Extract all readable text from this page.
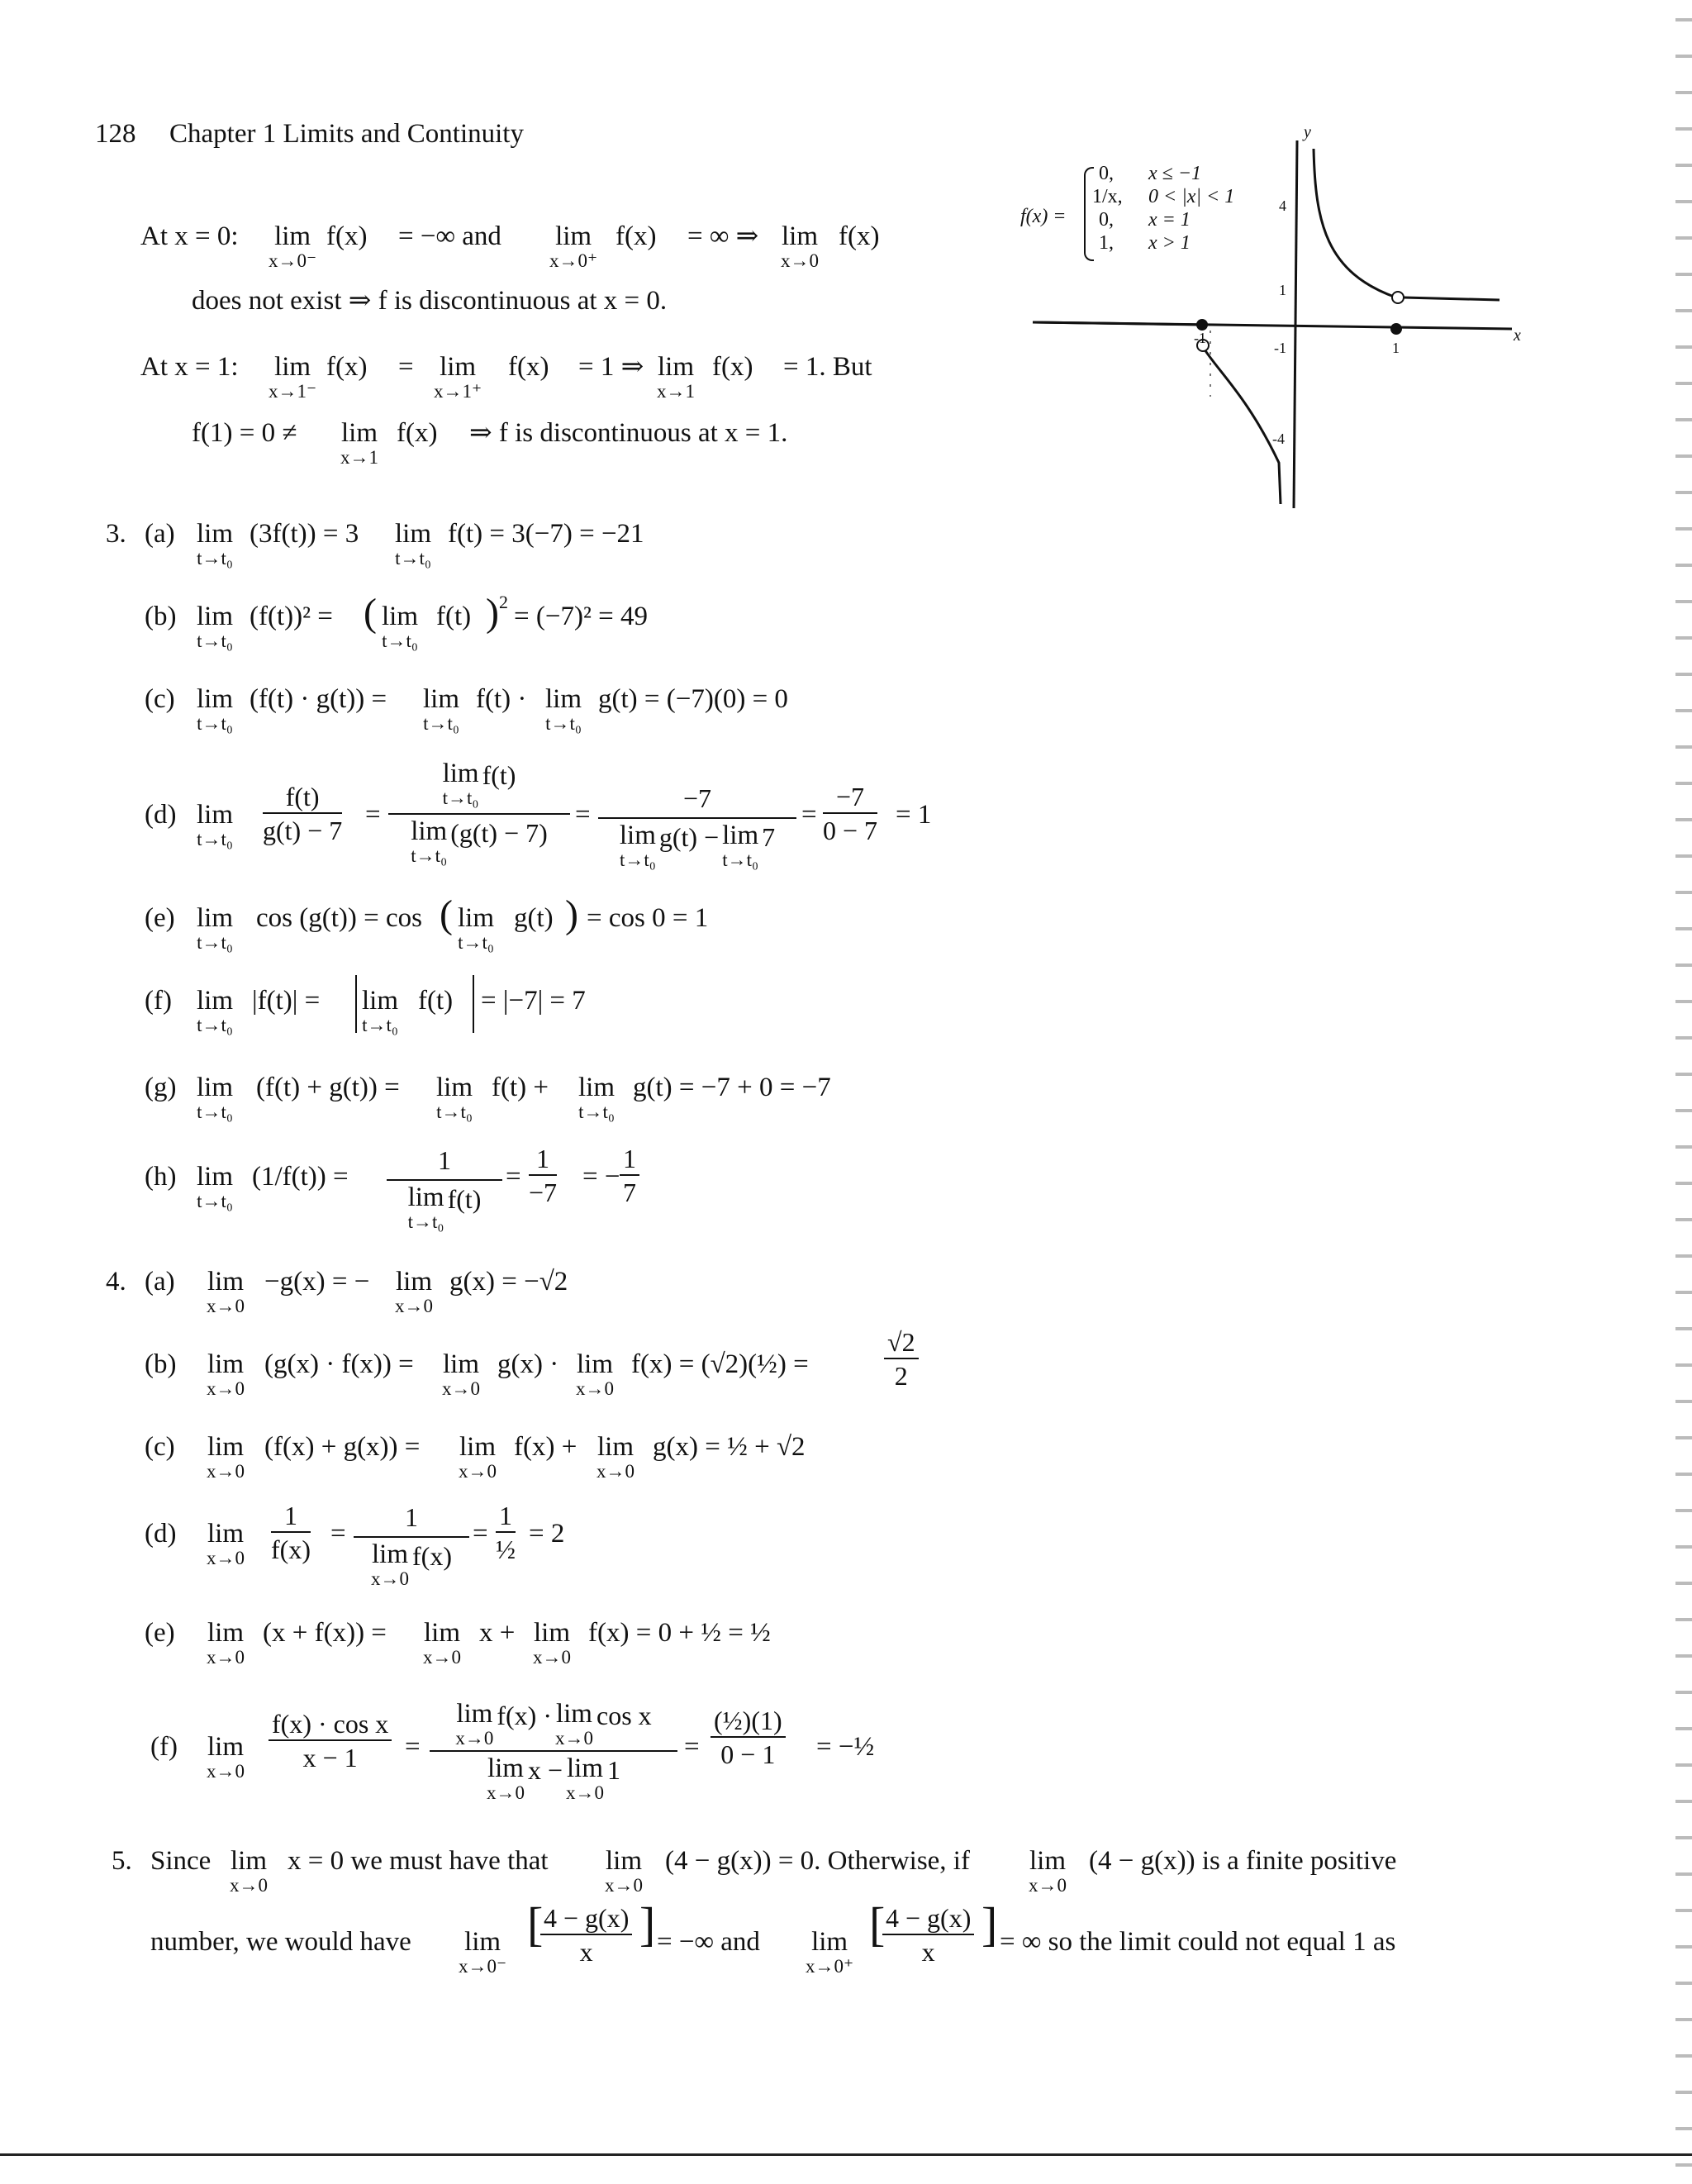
128 Chapter 1 Limits and Continuity
f(x) =
0, x ≤ −1
1/x, 0 < |x| < 1
0, x = 1
1, x > 1
y
x
4
1
-1
-1	1
-4
At x = 0: lim
x→0⁻
f(x) = −∞ and lim
x→0⁺
f(x) = ∞ ⇒ lim
x→0
f(x)
does not exist ⇒ f is discontinuous at x = 0.
At x = 1: lim
x→1⁻
f(x) = lim
x→1⁺
f(x) = 1 ⇒ lim
x→1
f(x) = 1. But
f(1) = 0 ≠ lim
x→1
f(x) ⇒ f is discontinuous at x = 1.
3. (a) lim
t→t₀
(3f(t)) = 3 lim
t→t₀
f(t) = 3(−7) = −21
(b) lim
t→t₀
(f(t))² = ( lim
t→t₀
f(t) )$^2$ = (−7)² = 49
(c) lim
t→t₀
(f(t) · g(t)) = lim
t→t₀
f(t) · lim
t→t₀
g(t) = (−7)(0) = 0
(d) lim
$t\to t_0 \frac{f(t)}{g(t) - 7}$ =
lim
t→t₀
f(t)
lim
t→t₀
(g(t) − 7)
=
−7
lim
t→t₀
g(t) − lim
t→t₀
7
= $\frac{-7}{0 - 7} = 1$
(e) lim
t→t₀
cos (g(t)) = cos ( lim
t→t₀
g(t) ) = cos 0 = 1
(f) lim
t→t₀
|f(t)| = lim
t→t₀
f(t) = |−7| = 7
(g) lim
t→t₀
(f(t) + g(t)) = lim
t→t₀
f(t) + lim
t→t₀
g(t) = −7 + 0 = −7
(h) lim
t→t₀
(1/f(t)) =
1
lim
t→t₀
f(t)
= $\frac{1}{-7}$ = − $\frac{1}{7}$
4. (a) lim
x→0
−g(x) = − lim
x→0
g(x) = −√2
(b) lim
x→0
(g(x) · f(x)) = lim
x→0
g(x) · lim
x→0
f(x) = (√2)(½) =	$\frac{√2}{2}$
(c) lim
x→0
(f(x) + g(x)) = lim
x→0
f(x) + lim
x→0
g(x) = ½ + √2
(d) lim
$x\to 0 \frac{1}{f(x)}$ =
1
lim
x→0
f(x)
=
1
½
= 2
(e) lim
x→0
(x + f(x)) = lim
x→0
x + lim
x→0
f(x) = 0 + ½ = ½
(f) lim
x→0
$\frac{\text{f(x) · cos x}}{x - 1} = \lim$
x→0
f(x) · lim
x→0
cos x
lim
x→0
x − lim
x→0
$1 = \frac{\text{(½)(1)}}{0 - 1}$ = −½
5. Since lim
x→0
x = 0 we must have that lim
x→0
(4 − g(x)) = 0. Otherwise, if lim
x→0
(4 − g(x)) is a finite positive
number, we would have lim
x→0⁻
[
$\frac{4 - g(x)}{x}$ ] = −∞ and lim
x→0⁺
[
$\frac{4 - g(x)}{x}$ ] = ∞ so the limit could not equal 1 as
